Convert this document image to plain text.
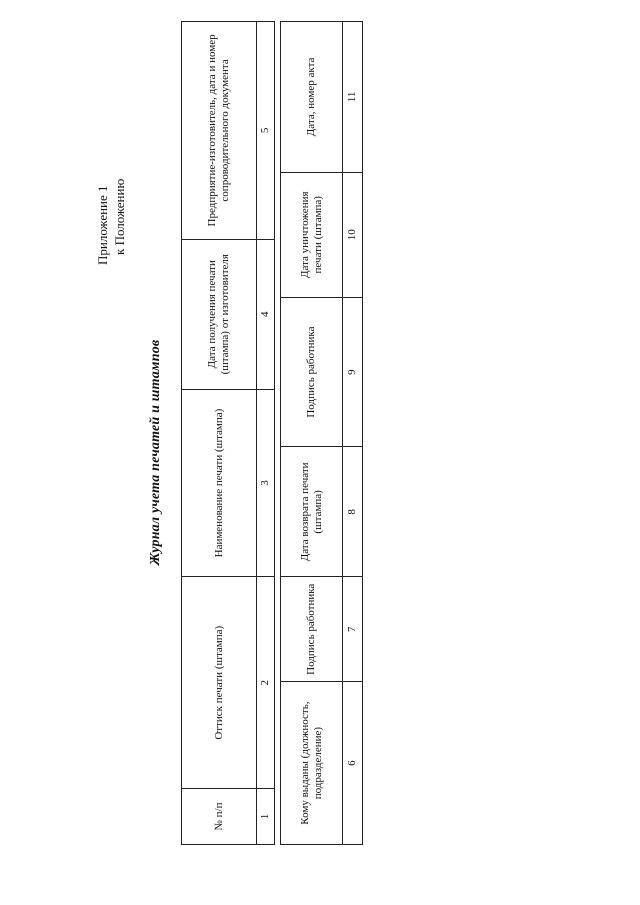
Приложение 1 к Положению
Журнал учета печатей и штампов
№ п/п	Оттиск печати (штампа)	Наименование печати (штампа)	Дата получения печати (штампа) от изготовителя	Предприятие-изготовитель, дата и номер сопроводительного документа
1	2	3	4	5
Кому выданы (должность, подразделение)	Подпись работника	Дата возврата печати (штампа)	Подпись работника	Дата уничтожения печати (штампа)	Дата, номер акта
6	7	8	9	10	11
